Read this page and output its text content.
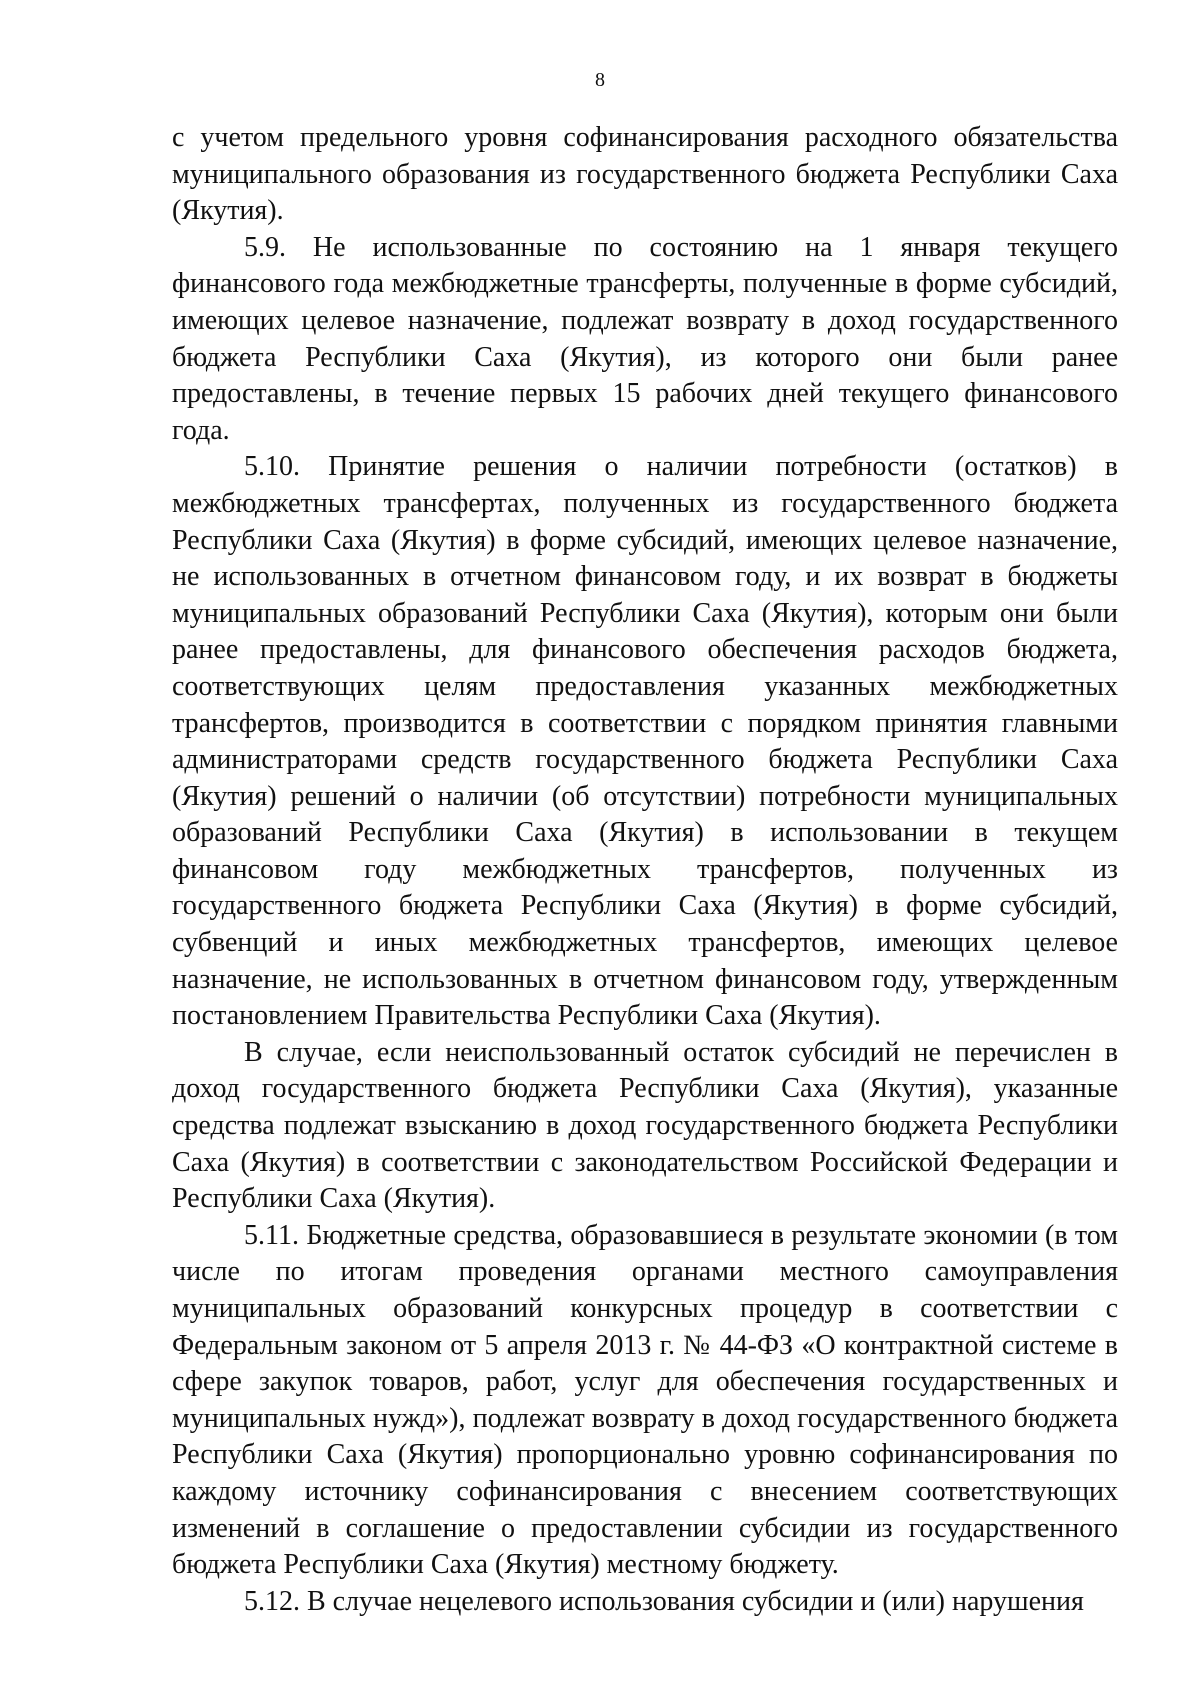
8

с учетом предельного уровня софинансирования расходного обязательства муниципального образования из государственного бюджета Республики Саха (Якутия).

5.9. Не использованные по состоянию на 1 января текущего финансового года межбюджетные трансферты, полученные в форме субсидий, имеющих целевое назначение, подлежат возврату в доход государственного бюджета Республики Саха (Якутия), из которого они были ранее предоставлены, в течение первых 15 рабочих дней текущего финансового года.

5.10. Принятие решения о наличии потребности (остатков) в межбюджетных трансфертах, полученных из государственного бюджета Республики Саха (Якутия) в форме субсидий, имеющих целевое назначение, не использованных в отчетном финансовом году, и их возврат в бюджеты муниципальных образований Республики Саха (Якутия), которым они были ранее предоставлены, для финансового обеспечения расходов бюджета, соответствующих целям предоставления указанных межбюджетных трансфертов, производится в соответствии с порядком принятия главными администраторами средств государственного бюджета Республики Саха (Якутия) решений о наличии (об отсутствии) потребности муниципальных образований Республики Саха (Якутия) в использовании в текущем финансовом году межбюджетных трансфертов, полученных из государственного бюджета Республики Саха (Якутия) в форме субсидий, субвенций и иных межбюджетных трансфертов, имеющих целевое назначение, не использованных в отчетном финансовом году, утвержденным постановлением Правительства Республики Саха (Якутия).

В случае, если неиспользованный остаток субсидий не перечислен в доход государственного бюджета Республики Саха (Якутия), указанные средства подлежат взысканию в доход государственного бюджета Республики Саха (Якутия) в соответствии с законодательством Российской Федерации и Республики Саха (Якутия).

5.11. Бюджетные средства, образовавшиеся в результате экономии (в том числе по итогам проведения органами местного самоуправления муниципальных образований конкурсных процедур в соответствии с Федеральным законом от 5 апреля 2013 г. № 44-ФЗ «О контрактной системе в сфере закупок товаров, работ, услуг для обеспечения государственных и муниципальных нужд»), подлежат возврату в доход государственного бюджета Республики Саха (Якутия) пропорционально уровню софинансирования по каждому источнику софинансирования с внесением соответствующих изменений в соглашение о предоставлении субсидии из государственного бюджета Республики Саха (Якутия) местному бюджету.

5.12. В случае нецелевого использования субсидии и (или) нарушения
